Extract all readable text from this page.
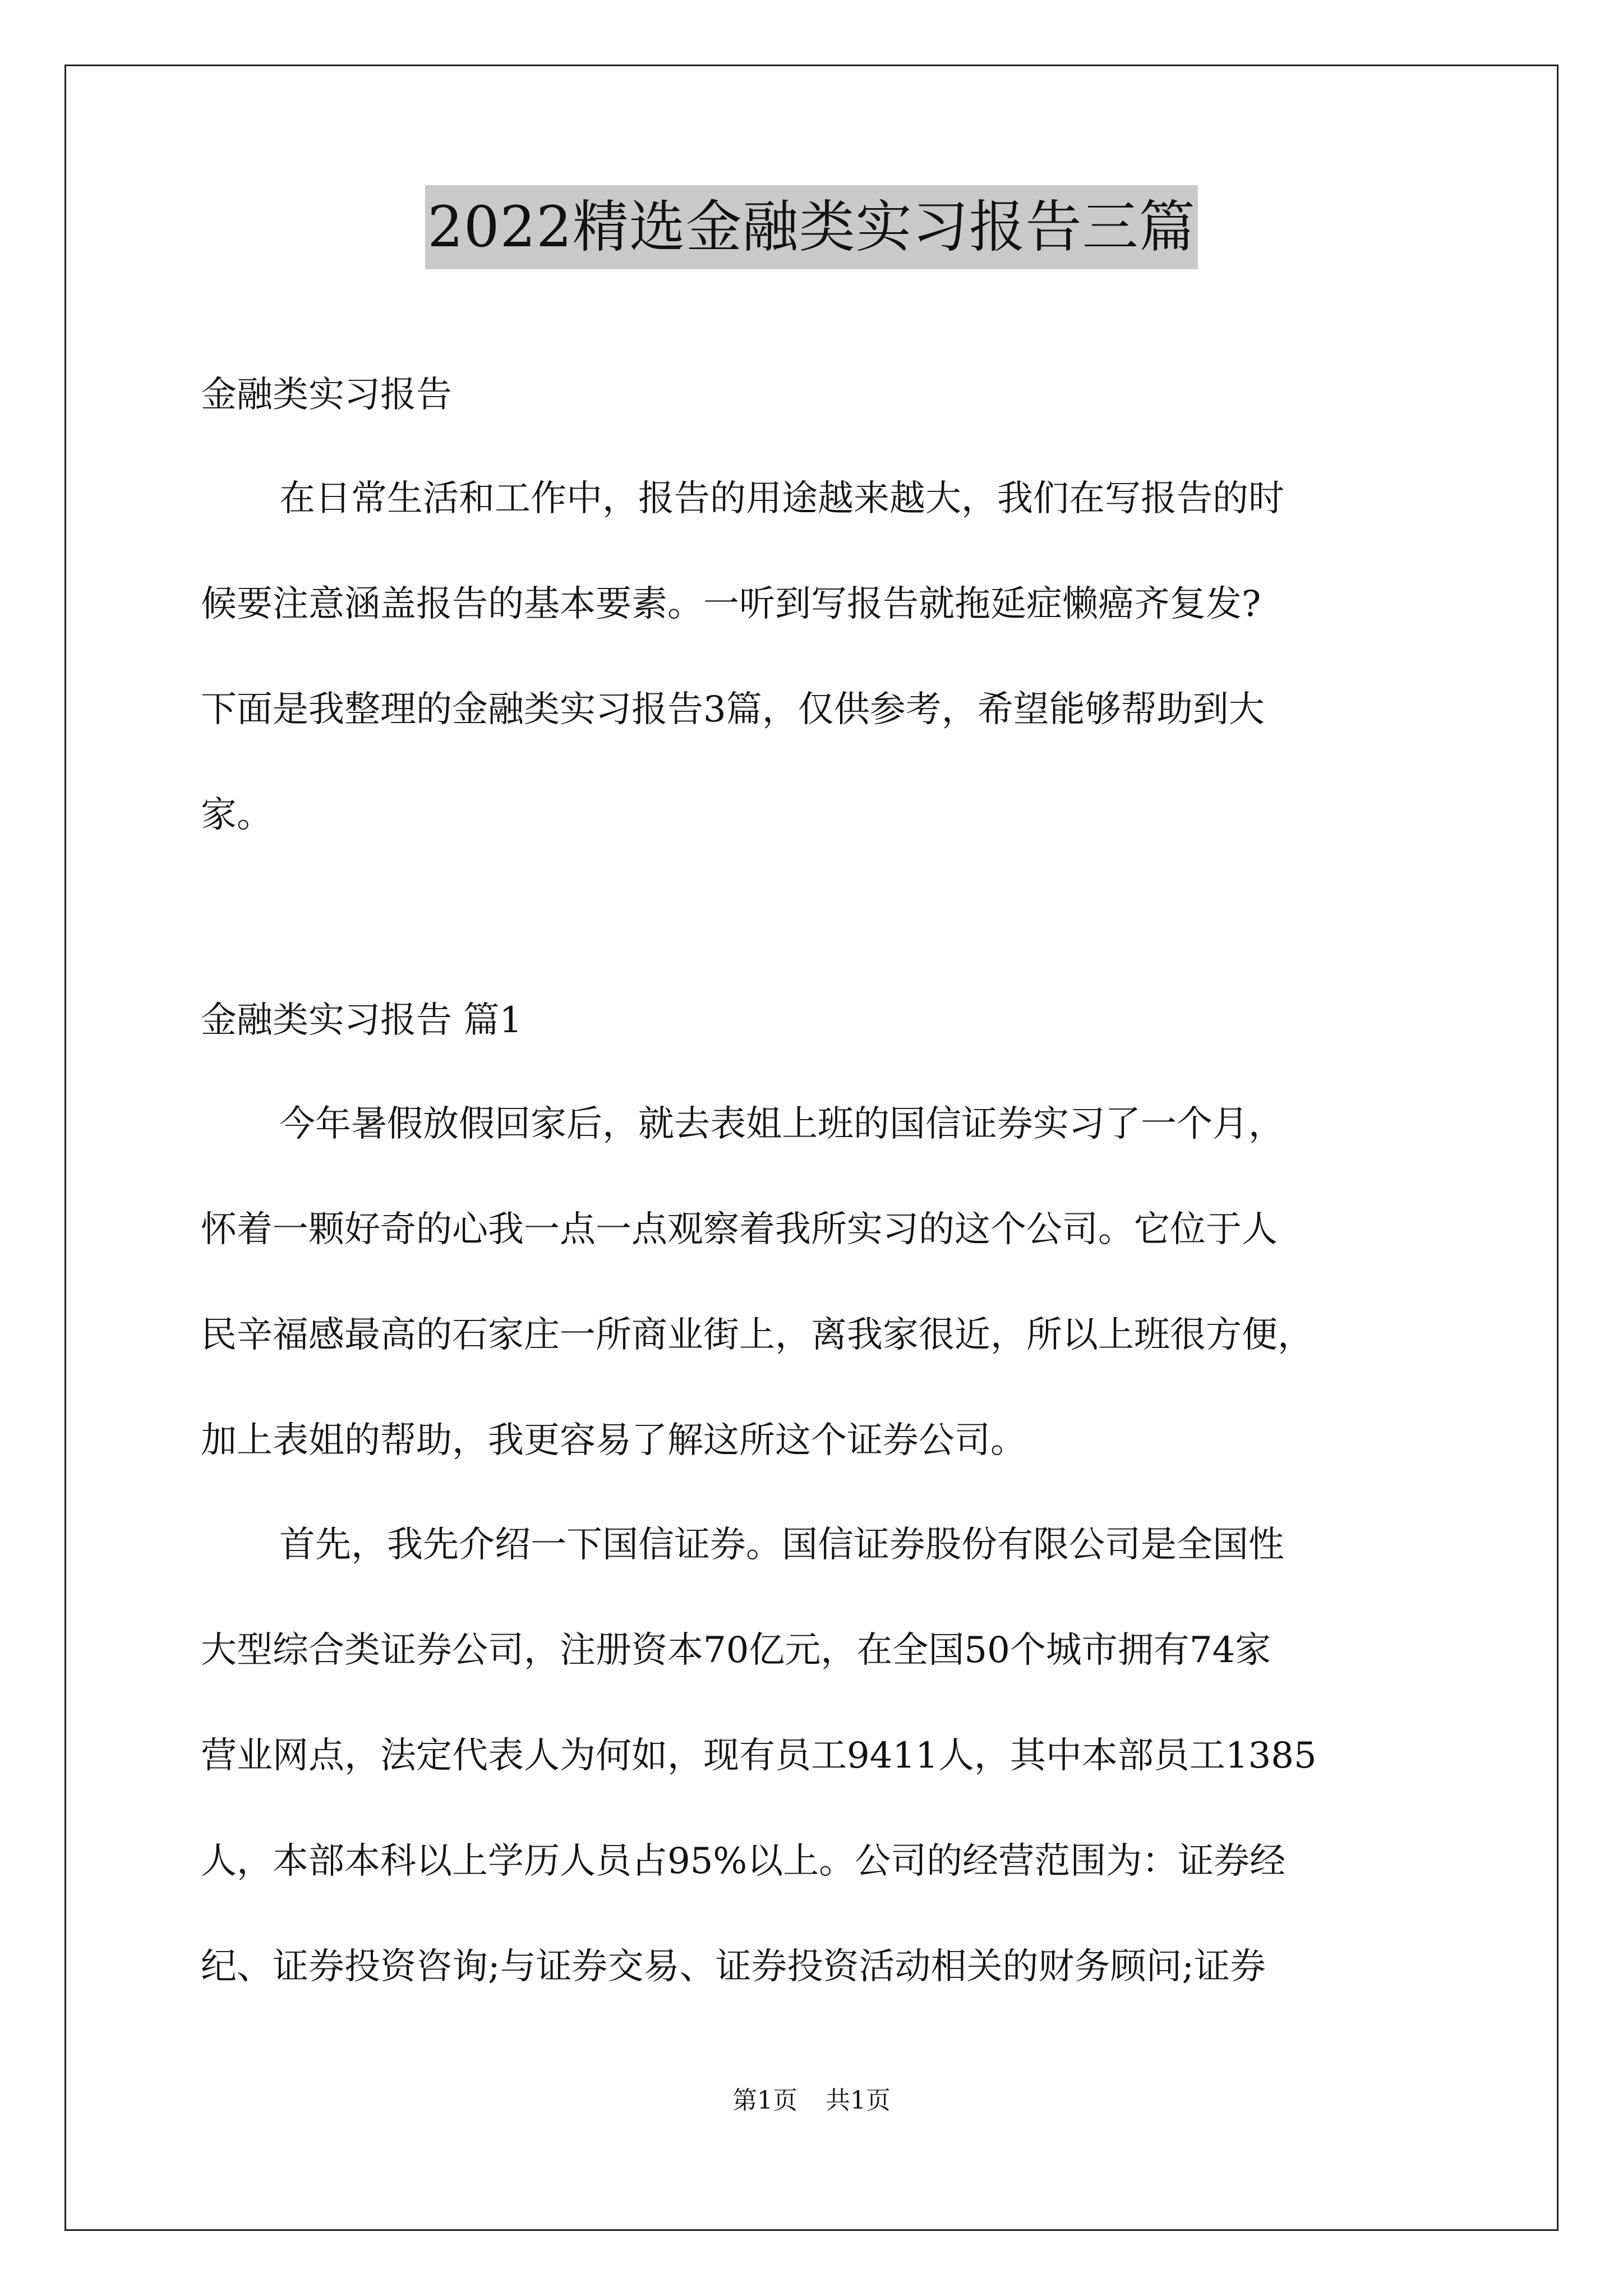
2022精选金融类实习报告三篇

金融类实习报告

在日常生活和工作中，报告的用途越来越大，我们在写报告的时
候要注意涵盖报告的基本要素。一听到写报告就拖延症懒癌齐复发?
下面是我整理的金融类实习报告3篇，仅供参考，希望能够帮助到大
家。

金融类实习报告 篇1

今年暑假放假回家后，就去表姐上班的国信证券实习了一个月，
怀着一颗好奇的心我一点一点观察着我所实习的这个公司。它位于人
民辛福感最高的石家庄一所商业街上，离我家很近，所以上班很方便，
加上表姐的帮助，我更容易了解这所这个证券公司。
首先，我先介绍一下国信证券。国信证券股份有限公司是全国性
大型综合类证券公司，注册资本70亿元，在全国50个城市拥有74家
营业网点，法定代表人为何如，现有员工9411人，其中本部员工1385
人，本部本科以上学历人员占95%以上。公司的经营范围为：证券经
纪、证券投资咨询;与证券交易、证券投资活动相关的财务顾问;证券
第1页 共1页
